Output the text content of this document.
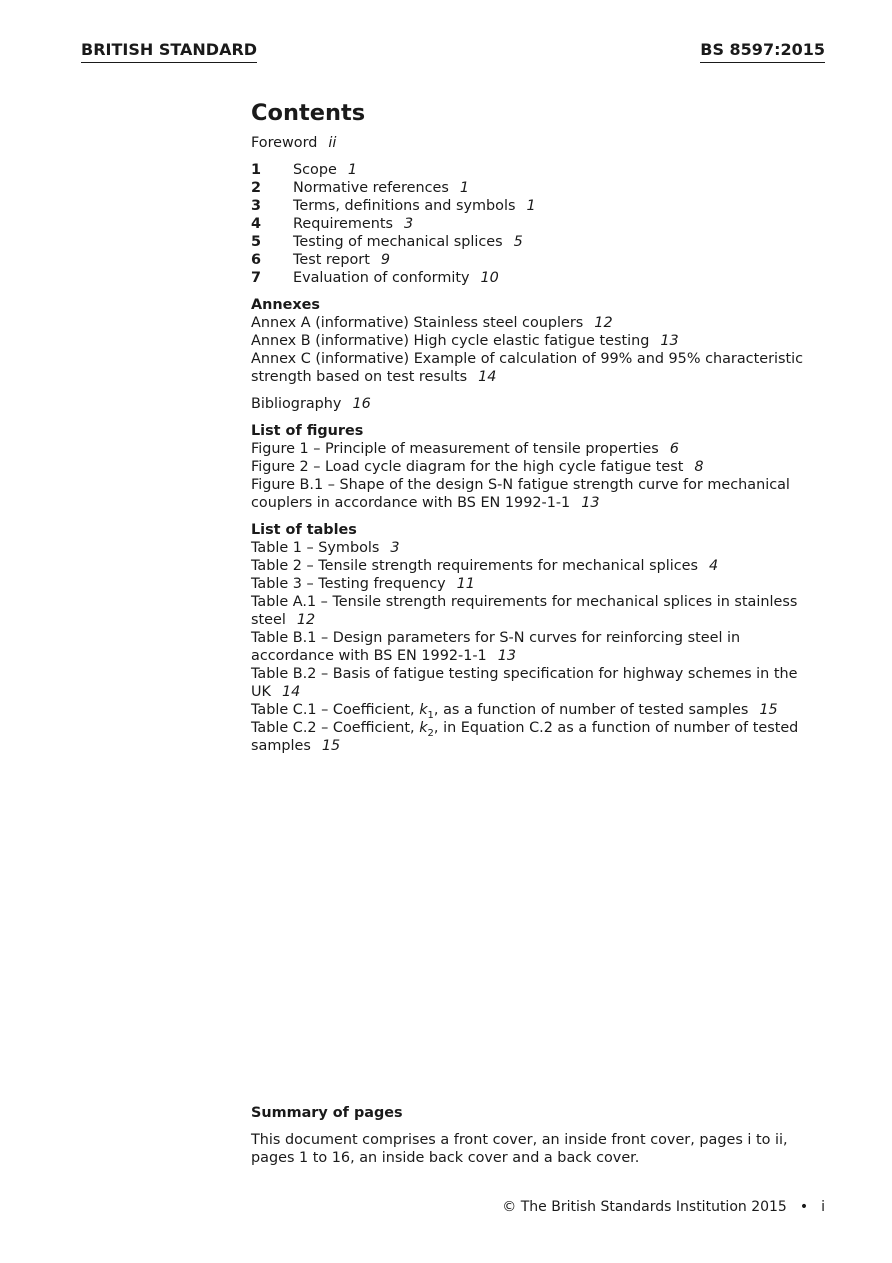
BRITISH STANDARD	BS 8597:2015
Contents
Foreword ii
1	Scope 1
2	Normative references 1
3	Terms, definitions and symbols 1
4	Requirements 3
5	Testing of mechanical splices 5
6	Test report 9
7	Evaluation of conformity 10
Annexes
Annex A (informative) Stainless steel couplers 12
Annex B (informative) High cycle elastic fatigue testing 13
Annex C (informative) Example of calculation of 99% and 95% characteristic strength based on test results 14
Bibliography 16
List of figures
Figure 1 – Principle of measurement of tensile properties 6
Figure 2 – Load cycle diagram for the high cycle fatigue test 8
Figure B.1 – Shape of the design S-N fatigue strength curve for mechanical couplers in accordance with BS EN 1992-1-1 13
List of tables
Table 1 – Symbols 3
Table 2 – Tensile strength requirements for mechanical splices 4
Table 3 – Testing frequency 11
Table A.1 – Tensile strength requirements for mechanical splices in stainless steel 12
Table B.1 – Design parameters for S-N curves for reinforcing steel in accordance with BS EN 1992-1-1 13
Table B.2 – Basis of fatigue testing specification for highway schemes in the UK 14
Table C.1 – Coefficient, $k_1$, as a function of number of tested samples 15
Table C.2 – Coefficient, $k_2$, in Equation C.2 as a function of number of tested samples 15
Summary of pages
This document comprises a front cover, an inside front cover, pages i to ii, pages 1 to 16, an inside back cover and a back cover.
© The British Standards Institution 2015 • i
